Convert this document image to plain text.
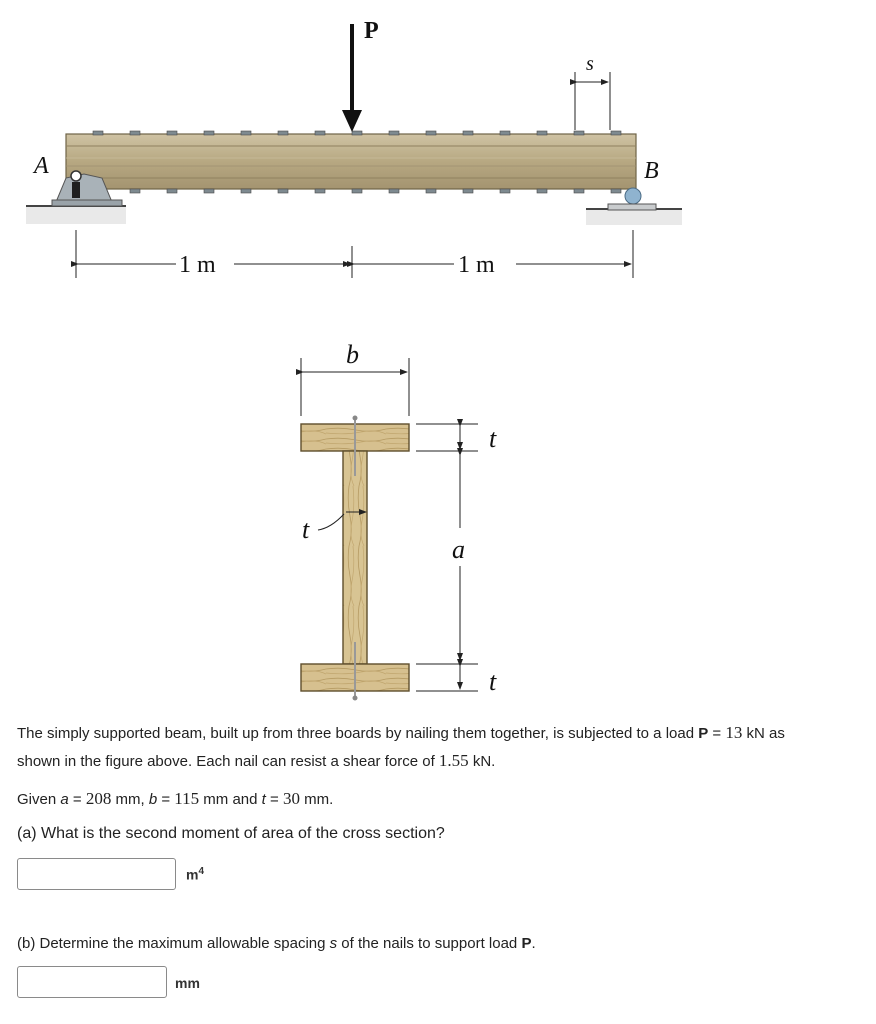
P
A	B
s
1 m	1 m
b
t
t
a
t
The simply supported beam, built up from three boards by nailing them together, is subjected to a load P = 13 kN as
shown in the figure above. Each nail can resist a shear force of 1.55 kN.
Given a = 208 mm, b = 115 mm and t = 30 mm.
(a) What is the second moment of area of the cross section?
$m^4$
(b) Determine the maximum allowable spacing s of the nails to support load P.
mm
